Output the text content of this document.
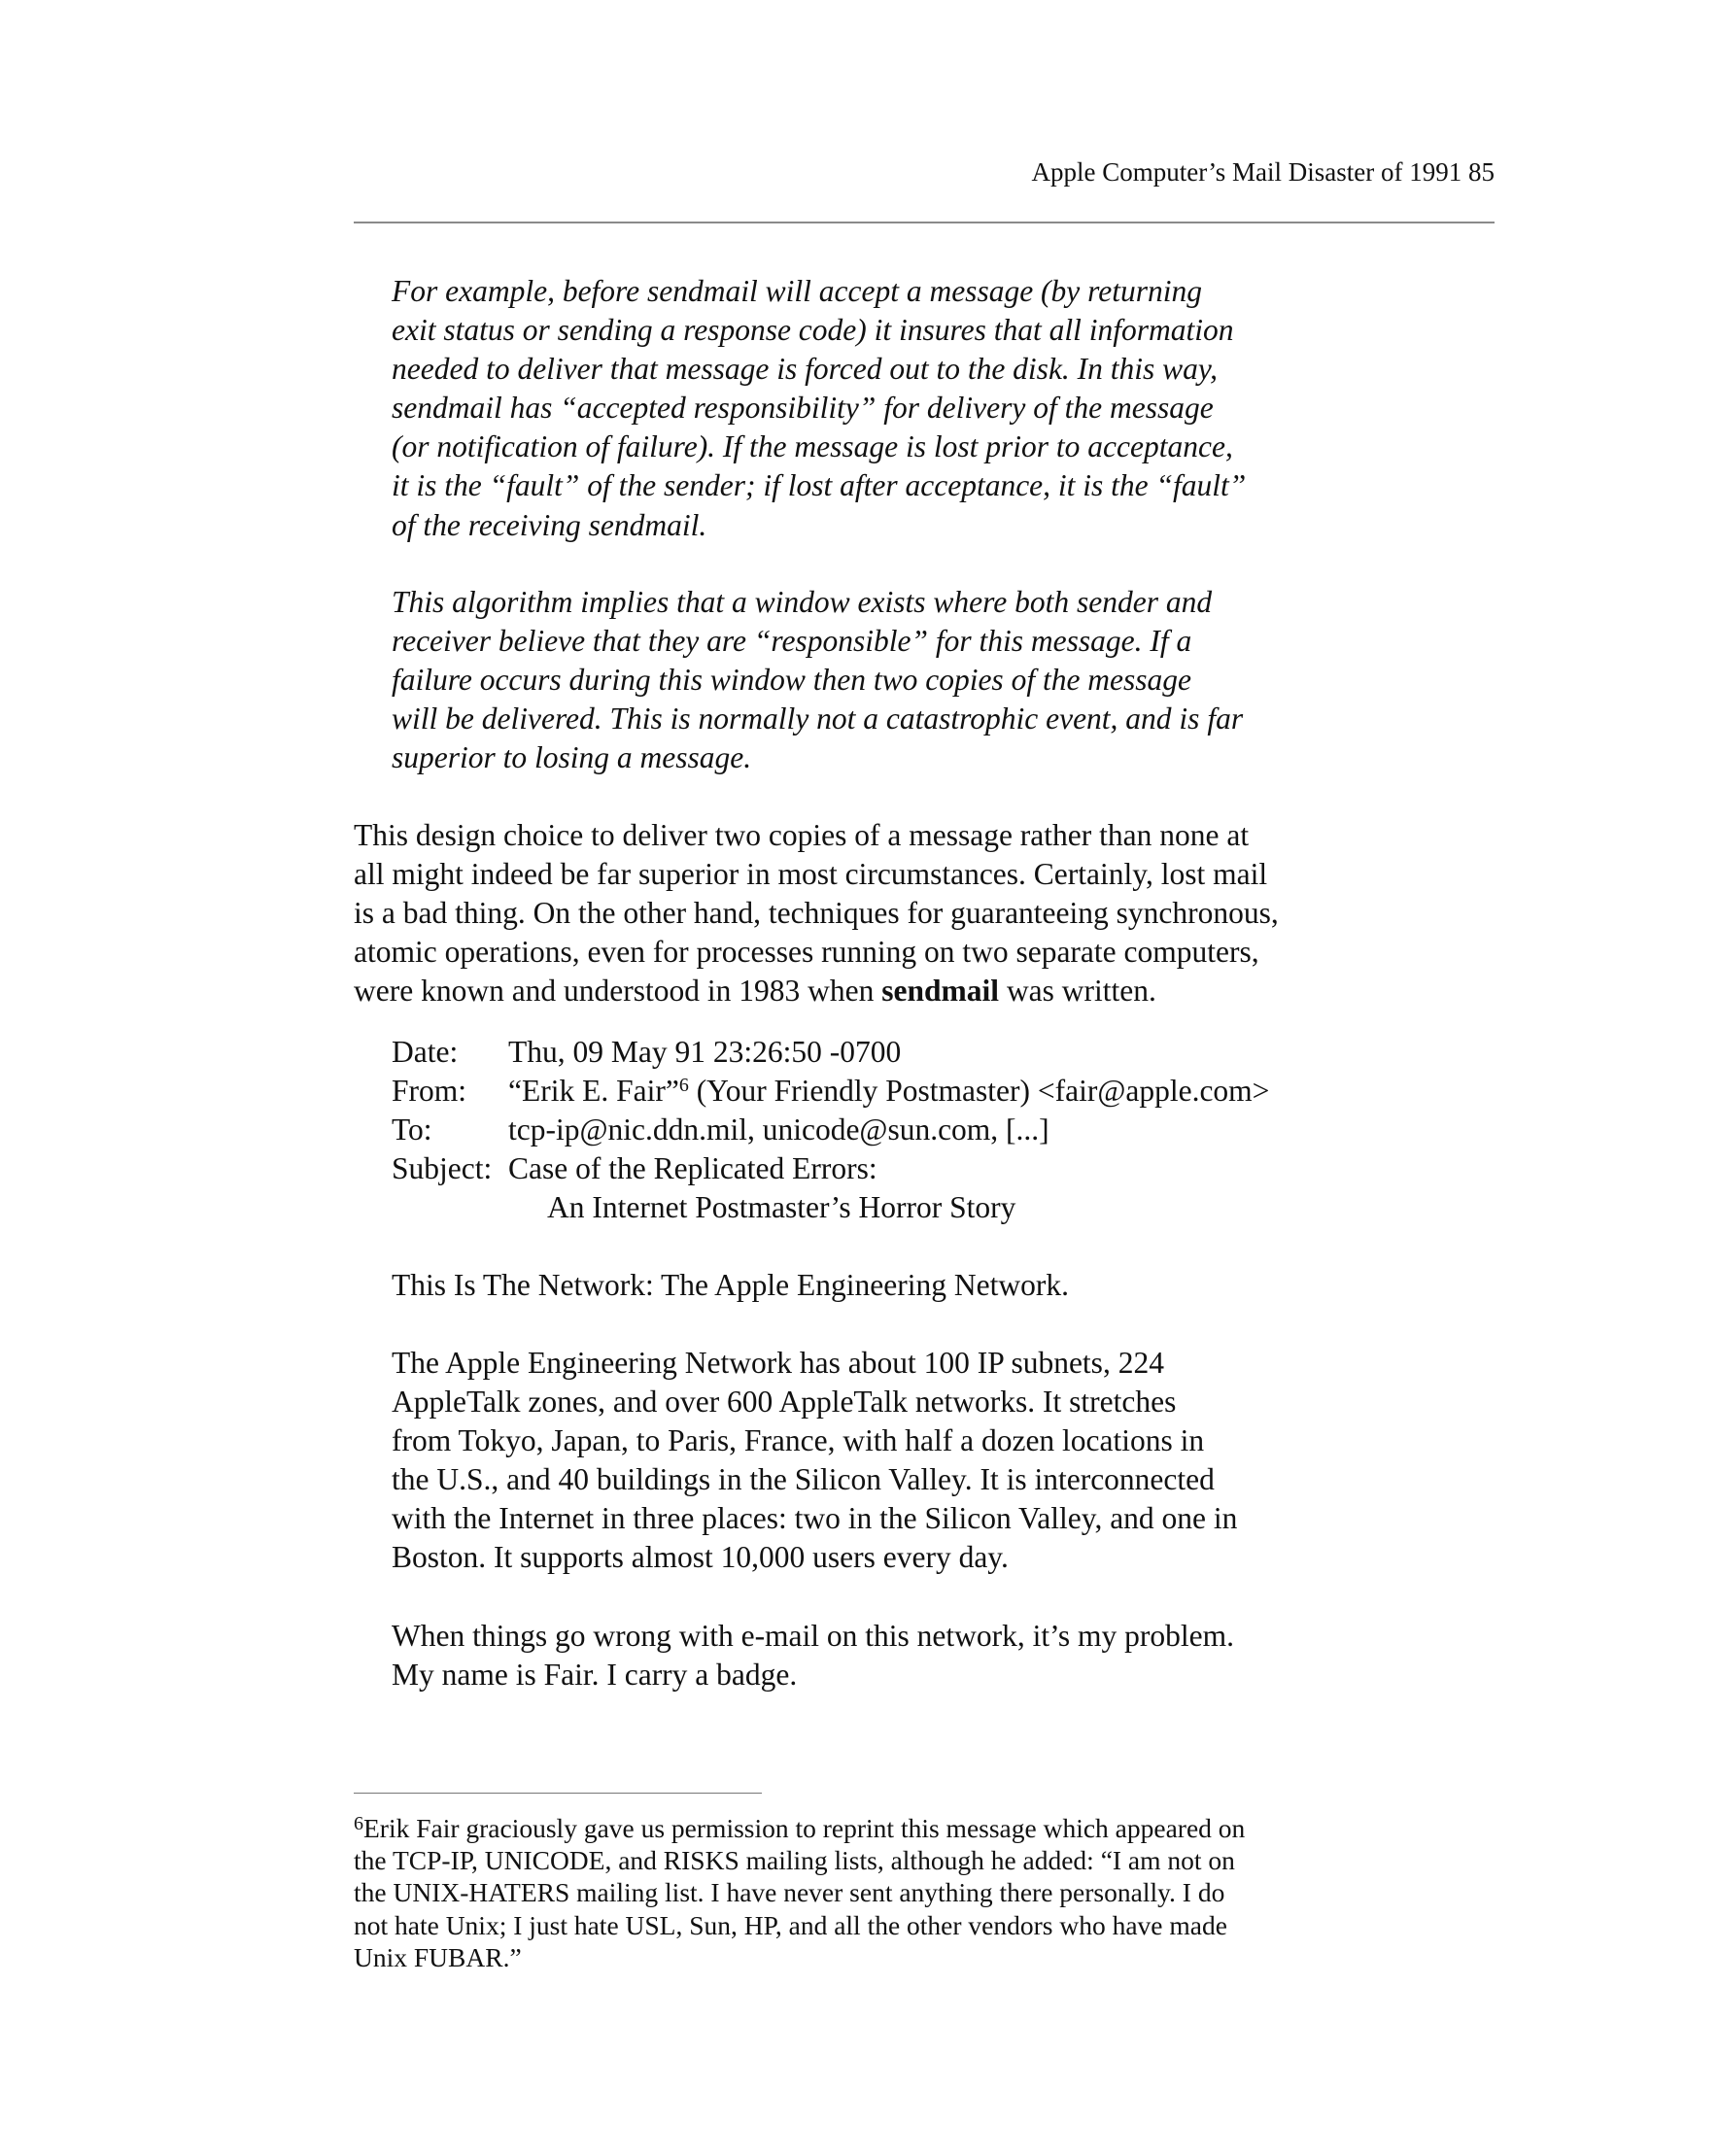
Apple Computer’s Mail Disaster of 1991 85

For example, before sendmail will accept a message (by returning
exit status or sending a response code) it insures that all information
needed to deliver that message is forced out to the disk. In this way,
sendmail has “accepted responsibility” for delivery of the message
(or notification of failure). If the message is lost prior to acceptance,
it is the “fault” of the sender; if lost after acceptance, it is the “fault”
of the receiving sendmail.

This algorithm implies that a window exists where both sender and
receiver believe that they are “responsible” for this message. If a
failure occurs during this window then two copies of the message
will be delivered. This is normally not a catastrophic event, and is far
superior to losing a message.

This design choice to deliver two copies of a message rather than none at
all might indeed be far superior in most circumstances. Certainly, lost mail
is a bad thing. On the other hand, techniques for guaranteeing synchronous,
atomic operations, even for processes running on two separate computers,
were known and understood in 1983 when sendmail was written.

Date:	Thu, 09 May 91 23:26:50 -0700
From:	“Erik E. Fair”$^6$ (Your Friendly Postmaster) <fair@apple.com>
To:	tcp-ip@nic.ddn.mil, unicode@sun.com, [...]
Subject: Case of the Replicated Errors:
An Internet Postmaster’s Horror Story

This Is The Network: The Apple Engineering Network.

The Apple Engineering Network has about 100 IP subnets, 224
AppleTalk zones, and over 600 AppleTalk networks. It stretches
from Tokyo, Japan, to Paris, France, with half a dozen locations in
the U.S., and 40 buildings in the Silicon Valley. It is interconnected
with the Internet in three places: two in the Silicon Valley, and one in
Boston. It supports almost 10,000 users every day.

When things go wrong with e-mail on this network, it’s my problem.
My name is Fair. I carry a badge.

$^6$Erik Fair graciously gave us permission to reprint this message which appeared on
the TCP-IP, UNICODE, and RISKS mailing lists, although he added: “I am not on
the UNIX-HATERS mailing list. I have never sent anything there personally. I do
not hate Unix; I just hate USL, Sun, HP, and all the other vendors who have made
Unix FUBAR.”
